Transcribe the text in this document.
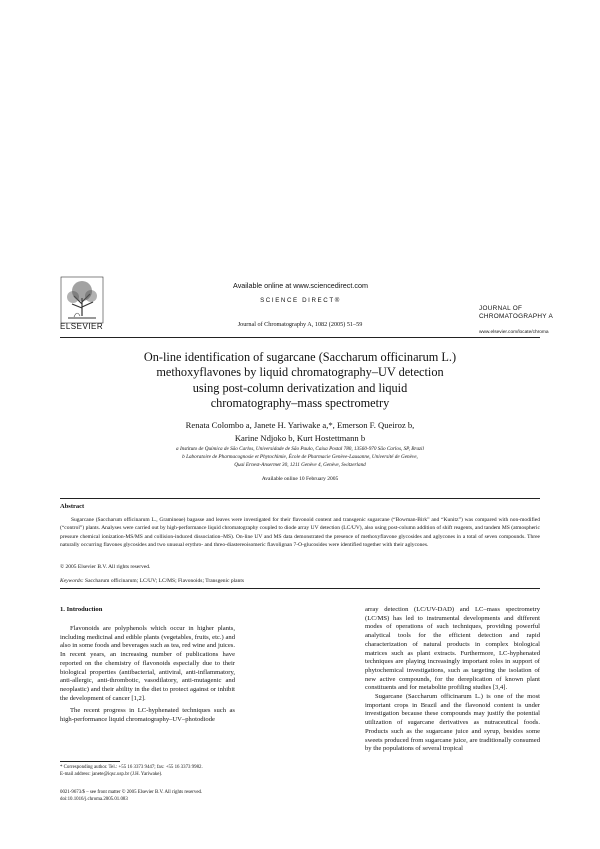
ELSEVIER
Available online at www.sciencedirect.com
SCIENCE DIRECT®
Journal of Chromatography A, 1082 (2005) 51–59
JOURNAL OF
CHROMATOGRAPHY A
www.elsevier.com/locate/chroma
On-line identification of sugarcane (Saccharum officinarum L.)
methoxyflavones by liquid chromatography–UV detection
using post-column derivatization and liquid
chromatography–mass spectrometry
Renata Colombo a, Janete H. Yariwake a,*, Emerson F. Queiroz b,
Karine Ndjoko b, Kurt Hostettmann b
a Instituto de Química de São Carlos, Universidade de São Paulo, Caixa Postal 780, 13560-970 São Carlos, SP, Brazil
b Laboratoire de Pharmacognosie et Phytochimie, École de Pharmacie Genève-Lausanne, Université de Genève,
Quai Ernest-Ansermet 30, 1211 Genève 4, Genève, Switzerland
Available online 10 February 2005
Abstract
Sugarcane (Saccharum officinarum L., Gramineae) bagasse and leaves were investigated for their flavonoid content and transgenic sugarcane (“Bowman-Birk” and “Kunitz”) was compared with non-modified (“control”) plants. Analyses were carried out by high-performance liquid chromatography coupled to diode array UV detection (LC/UV), also using post-column addition of shift reagents, and tandem MS (atmospheric pressure chemical ionization-MS/MS and collision-induced dissociation–MS). On-line UV and MS data demonstrated the presence of methoxyflavone glycosides and aglycones in a total of seven compounds. Three naturally occurring flavones glycosides and two unusual erythro- and threo-diastereoisomeric flavolignan 7-O-glucosides were identified together with their aglycones.
© 2005 Elsevier B.V. All rights reserved.
Keywords: Saccharum officinarum; LC/UV; LC/MS; Flavonoids; Transgenic plants
1. Introduction

Flavonoids are polyphenols which occur in higher plants, including medicinal and edible plants (vegetables, fruits, etc.) and also in some foods and beverages such as tea, red wine and juices. In recent years, an increasing number of publications have reported on the chemistry of flavonoids especially due to their biological properties (antibacterial, antiviral, anti-inflammatory, anti-allergic, anti-thrombotic, vasodilatory, anti-mutagenic and neoplastic) and their ability in the diet to protect against or inhibit the development of cancer [1,2].

The recent progress in LC-hyphenated techniques such as high-performance liquid chromatography–UV–photodiode

array detection (LC/UV-DAD) and LC–mass spectrometry (LC/MS) has led to instrumental developments and different modes of operations of such techniques, providing powerful analytical tools for the efficient detection and rapid characterization of natural products in complex biological matrices such as plant extracts. Furthermore, LC-hyphenated techniques are playing increasingly important roles in support of phytochemical investigations, such as targeting the isolation of new active compounds, for the dereplication of known plant constituents and for metabolite profiling studies [3,4].

Sugarcane (Saccharum officinarum L.) is one of the most important crops in Brazil and the flavonoid content is under investigation because these compounds may justify the potential utilization of sugarcane derivatives as nutraceutical foods. Products such as the sugarcane juice and syrup, besides some sweets produced from sugarcane juice, are traditionally consumed by the populations of several tropical

* Corresponding author. Tel.: +55 16 3373 9447; fax: +55 16 3373 9982.
E-mail address: janete@iqsc.usp.br (J.H. Yariwake).
0021-9673/$ – see front matter © 2005 Elsevier B.V. All rights reserved.
doi:10.1016/j.chroma.2005.01.083
